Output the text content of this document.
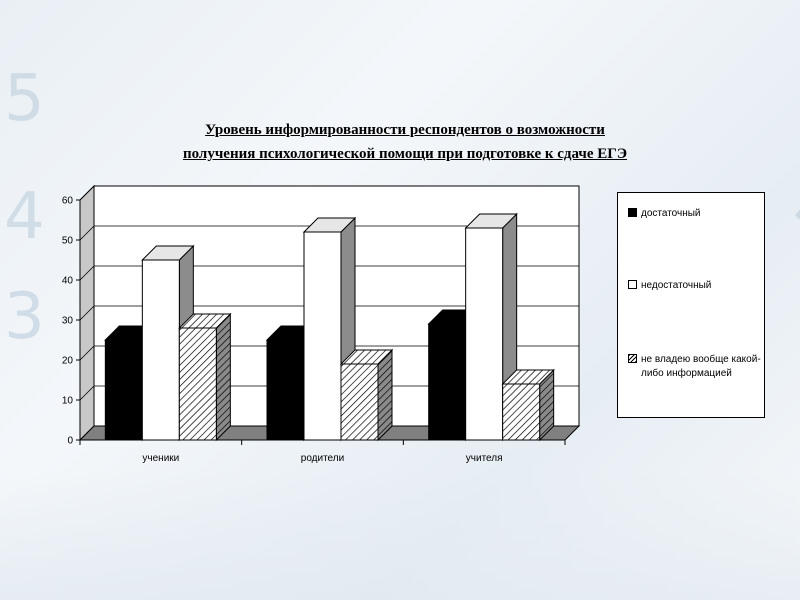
5
4
3
Уровень информированности респондентов о возможности
получения психологической помощи при подготовке к сдаче ЕГЭ
0
10
20
30
40
50
60
ученики	родители	учителя
достаточный
недостаточный
не владею вообще какой-либо информацией
